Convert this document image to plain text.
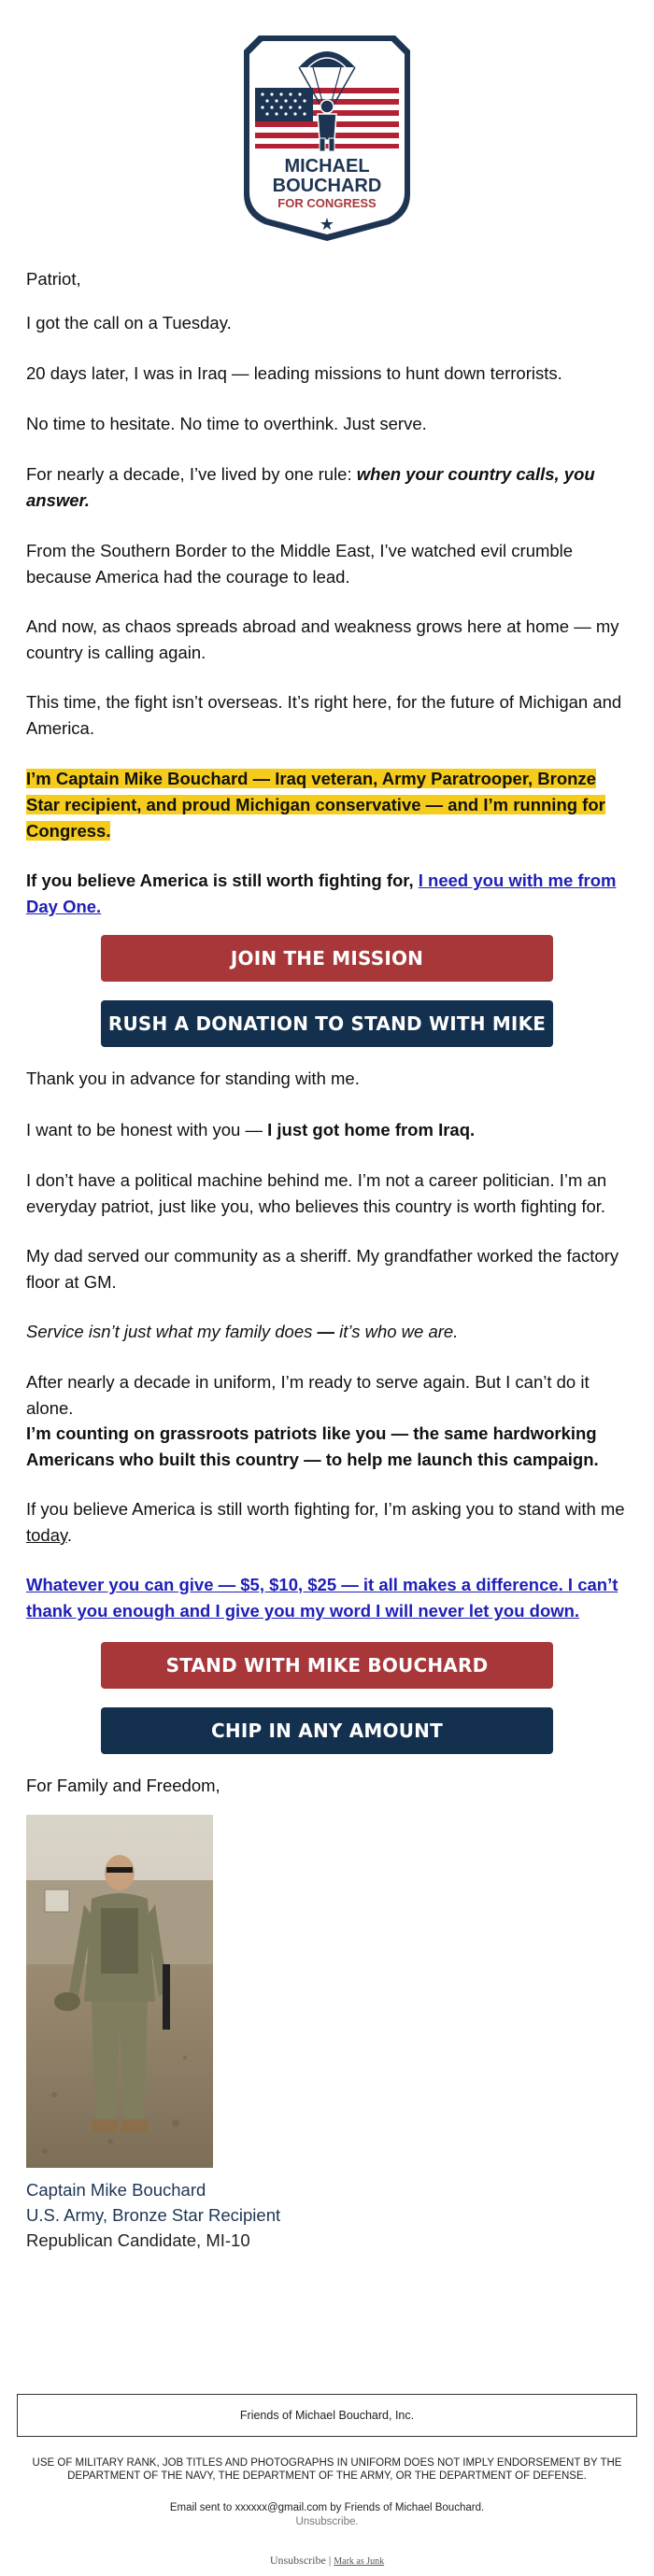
MICHAEL
BOUCHARD
FOR CONGRESS
★

Patriot,

I got the call on a Tuesday.

20 days later, I was in Iraq — leading missions to hunt down terrorists.

No time to hesitate. No time to overthink. Just serve.

For nearly a decade, I’ve lived by one rule: when your country calls, you answer.

From the Southern Border to the Middle East, I’ve watched evil crumble because America had the courage to lead.

And now, as chaos spreads abroad and weakness grows here at home — my country is calling again.

This time, the fight isn’t overseas. It’s right here, for the future of Michigan and America.

I’m Captain Mike Bouchard — Iraq veteran, Army Paratrooper, Bronze Star recipient, and proud Michigan conservative — and I’m running for Congress.

If you believe America is still worth fighting for, I need you with me from Day One.

JOIN THE MISSION
RUSH A DONATION TO STAND WITH MIKE

Thank you in advance for standing with me.

I want to be honest with you — I just got home from Iraq.

I don’t have a political machine behind me. I’m not a career politician. I’m an everyday patriot, just like you, who believes this country is worth fighting for.

My dad served our community as a sheriff. My grandfather worked the factory floor at GM.

Service isn’t just what my family does — it’s who we are.

After nearly a decade in uniform, I’m ready to serve again. But I can’t do it alone.

I’m counting on grassroots patriots like you — the same hardworking Americans who built this country — to help me launch this campaign.

If you believe America is still worth fighting for, I’m asking you to stand with me today.

Whatever you can give — $5, $10, $25 — it all makes a difference. I can’t thank you enough and I give you my word I will never let you down.

STAND WITH MIKE BOUCHARD
CHIP IN ANY AMOUNT

For Family and Freedom,

Captain Mike Bouchard
U.S. Army, Bronze Star Recipient
Republican Candidate, MI-10
Friends of Michael Bouchard, Inc.
USE OF MILITARY RANK, JOB TITLES AND PHOTOGRAPHS IN UNIFORM DOES NOT IMPLY ENDORSEMENT BY THE DEPARTMENT OF THE NAVY, THE DEPARTMENT OF THE ARMY, OR THE DEPARTMENT OF DEFENSE.
Email sent to xxxxxx@gmail.com by Friends of Michael Bouchard.
Unsubscribe.
Unsubscribe | Mark as Junk
